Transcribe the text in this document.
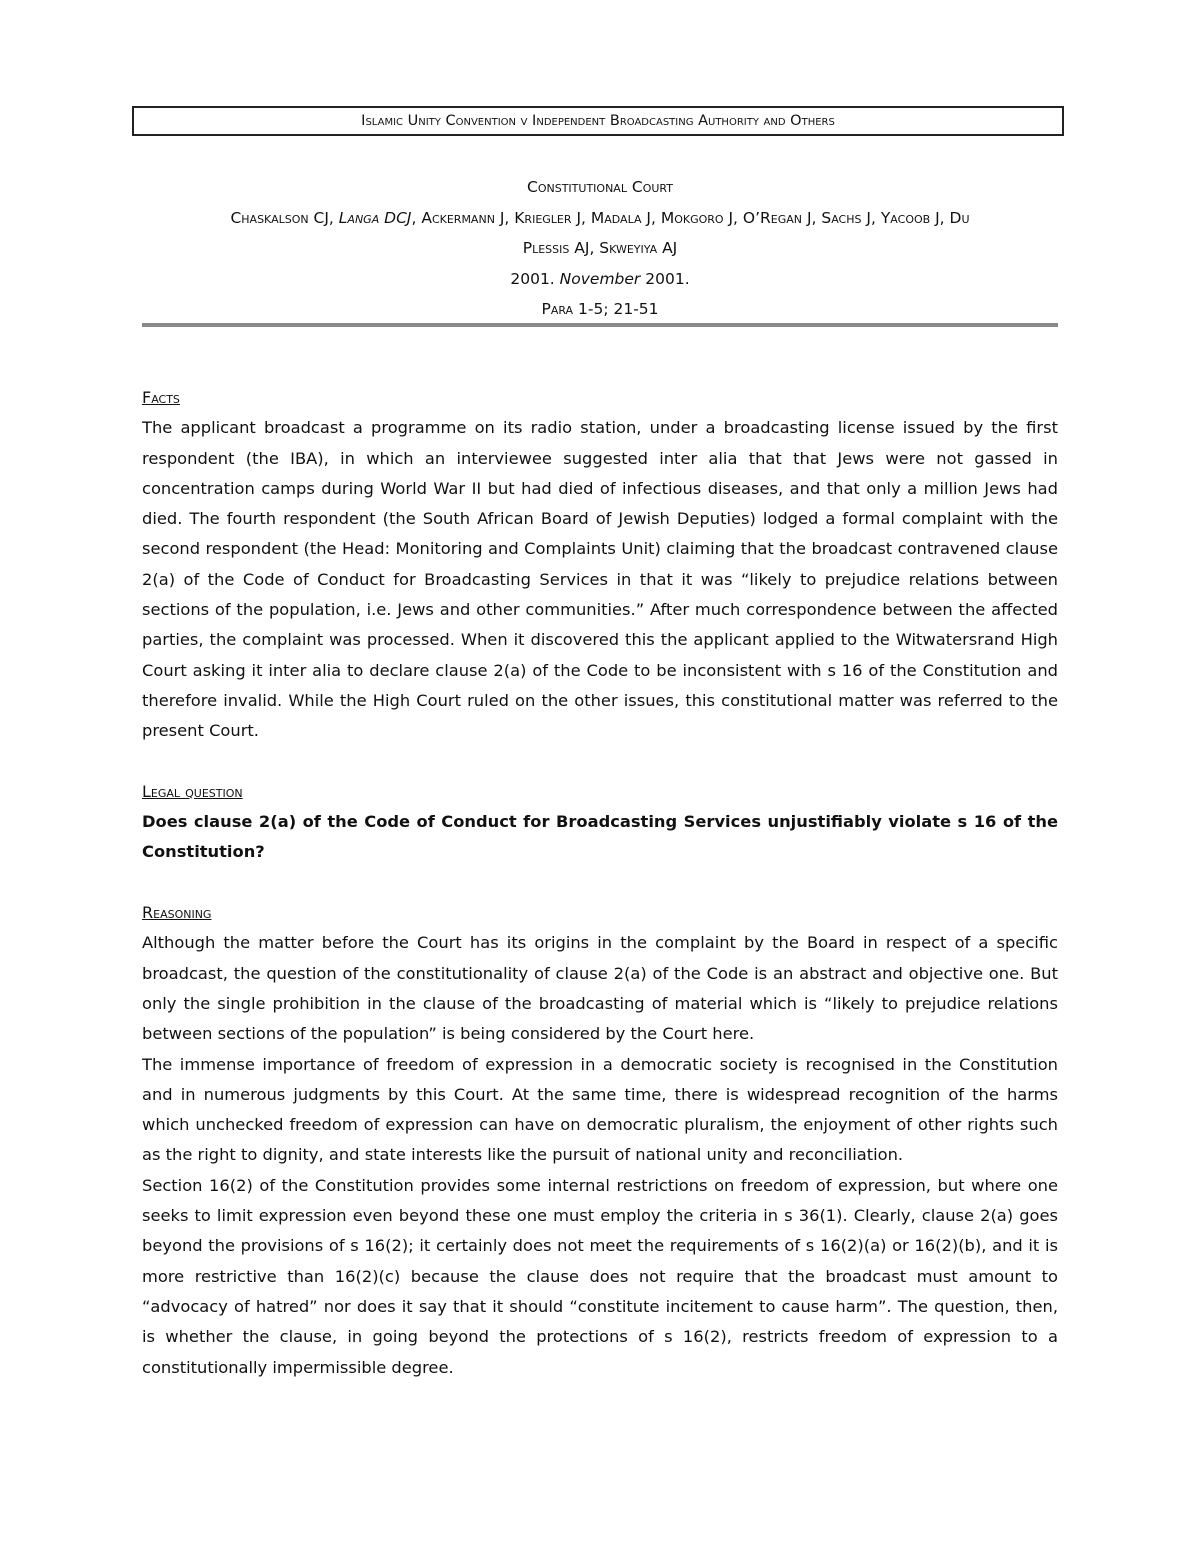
Islamic Unity Convention v Independent Broadcasting Authority and Others
Constitutional Court
Chaskalson CJ, Langa DCJ, Ackermann J, Kriegler J, Madala J, Mokgoro J, O’Regan J, Sachs J, Yacoob J, Du
Plessis AJ, Skweyiya AJ
2001. November 2001.
Para 1-5; 21-51
Facts

The applicant broadcast a programme on its radio station, under a broadcasting license issued by the first respondent (the IBA), in which an interviewee suggested inter alia that that Jews were not gassed in concentration camps during World War II but had died of infectious diseases, and that only a million Jews had died. The fourth respondent (the South African Board of Jewish Deputies) lodged a formal complaint with the second respondent (the Head: Monitoring and Complaints Unit) claiming that the broadcast contravened clause 2(a) of the Code of Conduct for Broadcasting Services in that it was “likely to prejudice relations between sections of the population, i.e. Jews and other communities.” After much correspondence between the affected parties, the complaint was processed. When it discovered this the applicant applied to the Witwatersrand High Court asking it inter alia to declare clause 2(a) of the Code to be inconsistent with s 16 of the Constitution and therefore invalid. While the High Court ruled on the other issues, this constitutional matter was referred to the present Court.

Legal question

Does clause 2(a) of the Code of Conduct for Broadcasting Services unjustifiably violate s 16 of the Constitution?

Reasoning

Although the matter before the Court has its origins in the complaint by the Board in respect of a specific broadcast, the question of the constitutionality of clause 2(a) of the Code is an abstract and objective one. But only the single prohibition in the clause of the broadcasting of material which is “likely to prejudice relations between sections of the population” is being considered by the Court here.

The immense importance of freedom of expression in a democratic society is recognised in the Constitution and in numerous judgments by this Court. At the same time, there is widespread recognition of the harms which unchecked freedom of expression can have on democratic pluralism, the enjoyment of other rights such as the right to dignity, and state interests like the pursuit of national unity and reconciliation.

Section 16(2) of the Constitution provides some internal restrictions on freedom of expression, but where one seeks to limit expression even beyond these one must employ the criteria in s 36(1). Clearly, clause 2(a) goes beyond the provisions of s 16(2); it certainly does not meet the requirements of s 16(2)(a) or 16(2)(b), and it is more restrictive than 16(2)(c) because the clause does not require that the broadcast must amount to “advocacy of hatred” nor does it say that it should “constitute incitement to cause harm”. The question, then, is whether the clause, in going beyond the protections of s 16(2), restricts freedom of expression to a constitutionally impermissible degree.
